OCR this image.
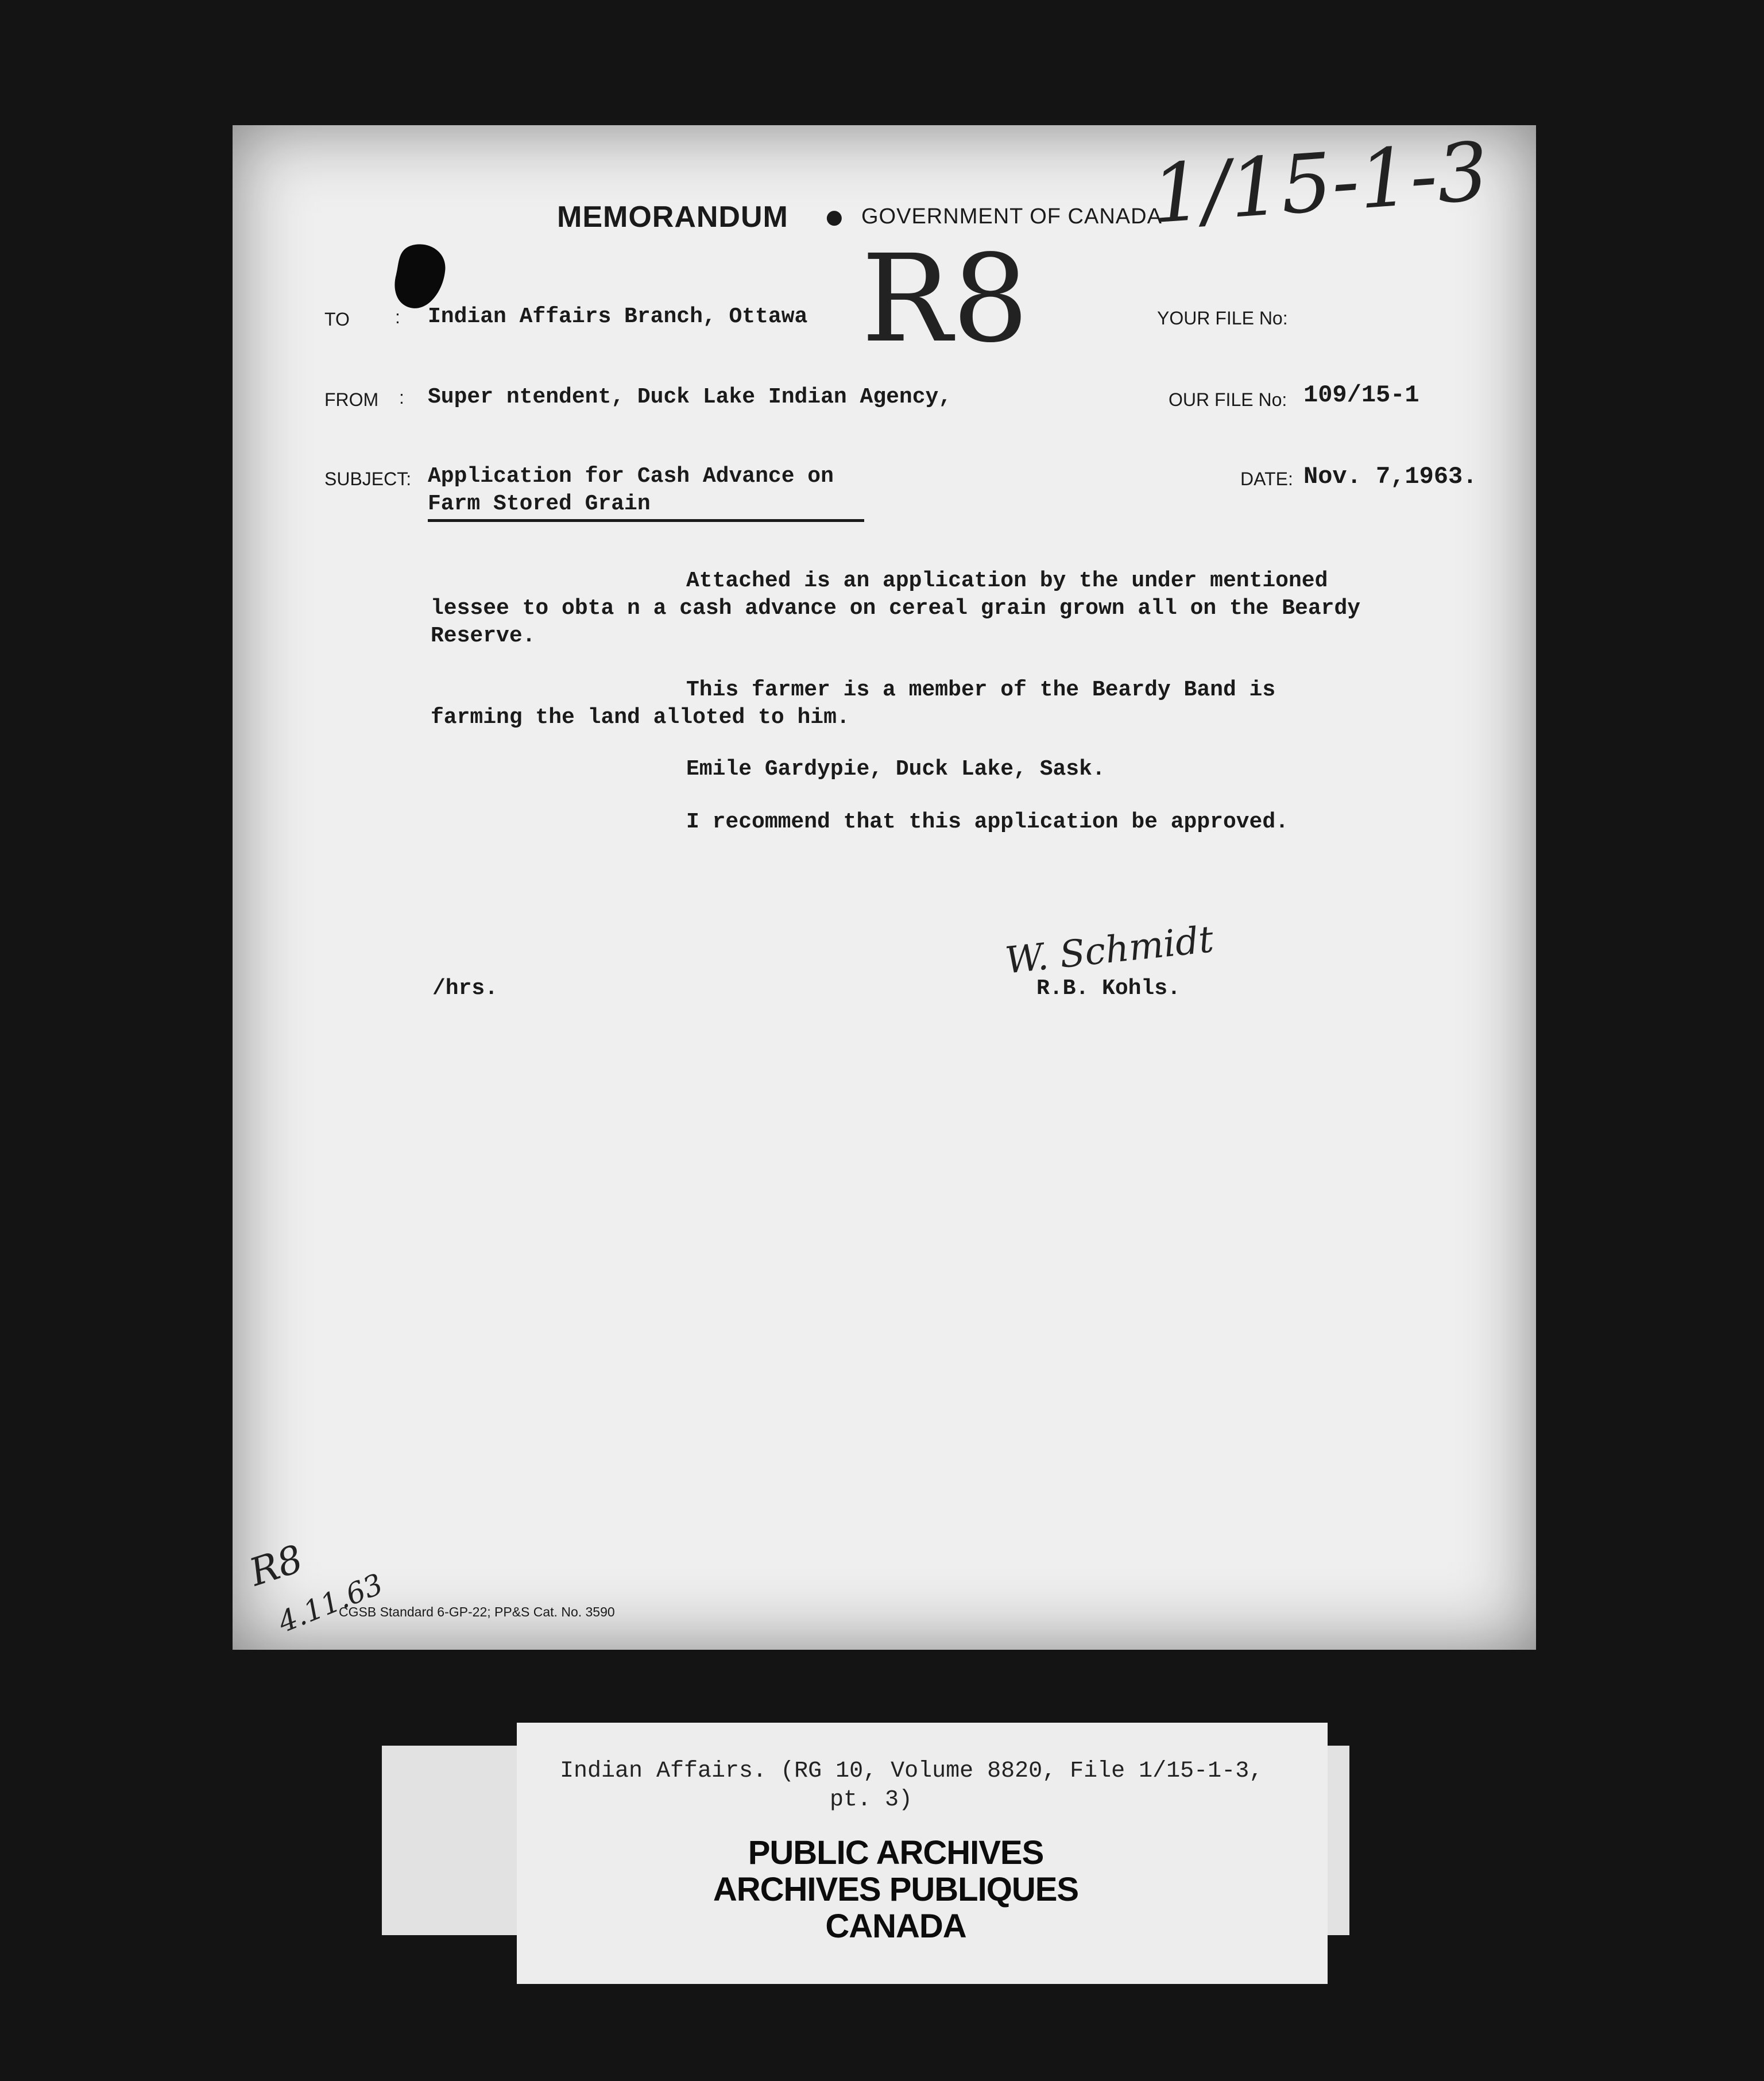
MEMORANDUM ● GOVERNMENT OF CANADA
1/15-1-3
R8
TO : Indian Affairs Branch, Ottawa	YOUR FILE No:
FROM : Super ntendent, Duck Lake Indian Agency,	OUR FILE No: 109/15-1
SUBJECT: Application for Cash Advance on
Farm Stored Grain
DATE: Nov. 7,1963.
Attached is an application by the under mentioned
lessee to obta n a cash advance on cereal grain grown all on the Beardy
Reserve.
This farmer is a member of the Beardy Band is
farming the land alloted to him.
Emile Gardypie, Duck Lake, Sask.
I recommend that this application be approved.
/hrs.
W. Schmidt
R.B. Kohls.
R8
4.11.63
CGSB Standard 6-GP-22; PP&S Cat. No. 3590
Indian Affairs. (RG 10, Volume 8820, File 1/15-1-3,
pt. 3)
PUBLIC ARCHIVES
ARCHIVES PUBLIQUES
CANADA
